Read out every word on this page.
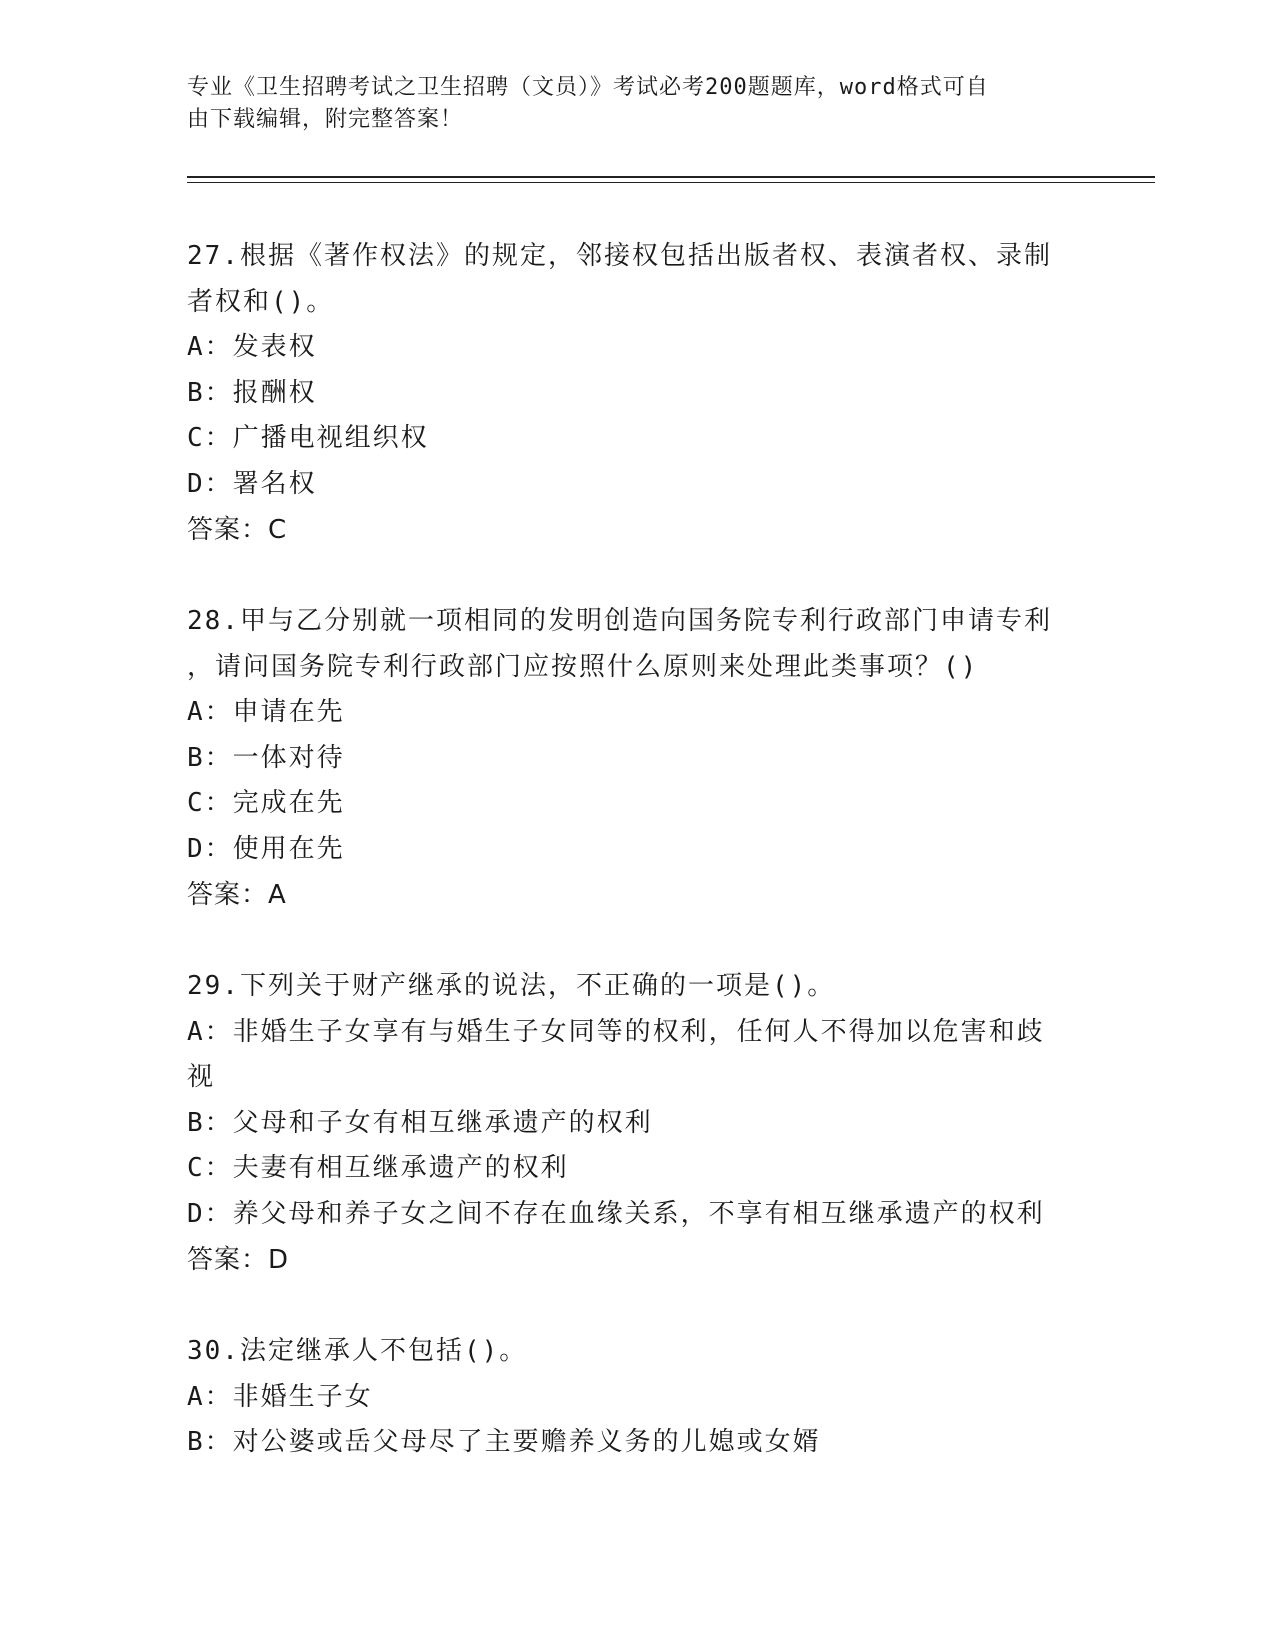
专业《卫生招聘考试之卫生招聘（文员）》考试必考200题题库，word格式可自
由下载编辑，附完整答案！
27.根据《著作权法》的规定，邻接权包括出版者权、表演者权、录制
者权和()。
A：发表权
B：报酬权
C：广播电视组织权
D：署名权
答案：C
28.甲与乙分别就一项相同的发明创造向国务院专利行政部门申请专利
，请问国务院专利行政部门应按照什么原则来处理此类事项？()
A：申请在先
B：一体对待
C：完成在先
D：使用在先
答案：A
29.下列关于财产继承的说法，不正确的一项是()。
A：非婚生子女享有与婚生子女同等的权利，任何人不得加以危害和歧
视
B：父母和子女有相互继承遗产的权利
C：夫妻有相互继承遗产的权利
D：养父母和养子女之间不存在血缘关系，不享有相互继承遗产的权利
答案：D
30.法定继承人不包括()。
A：非婚生子女
B：对公婆或岳父母尽了主要赡养义务的儿媳或女婿
